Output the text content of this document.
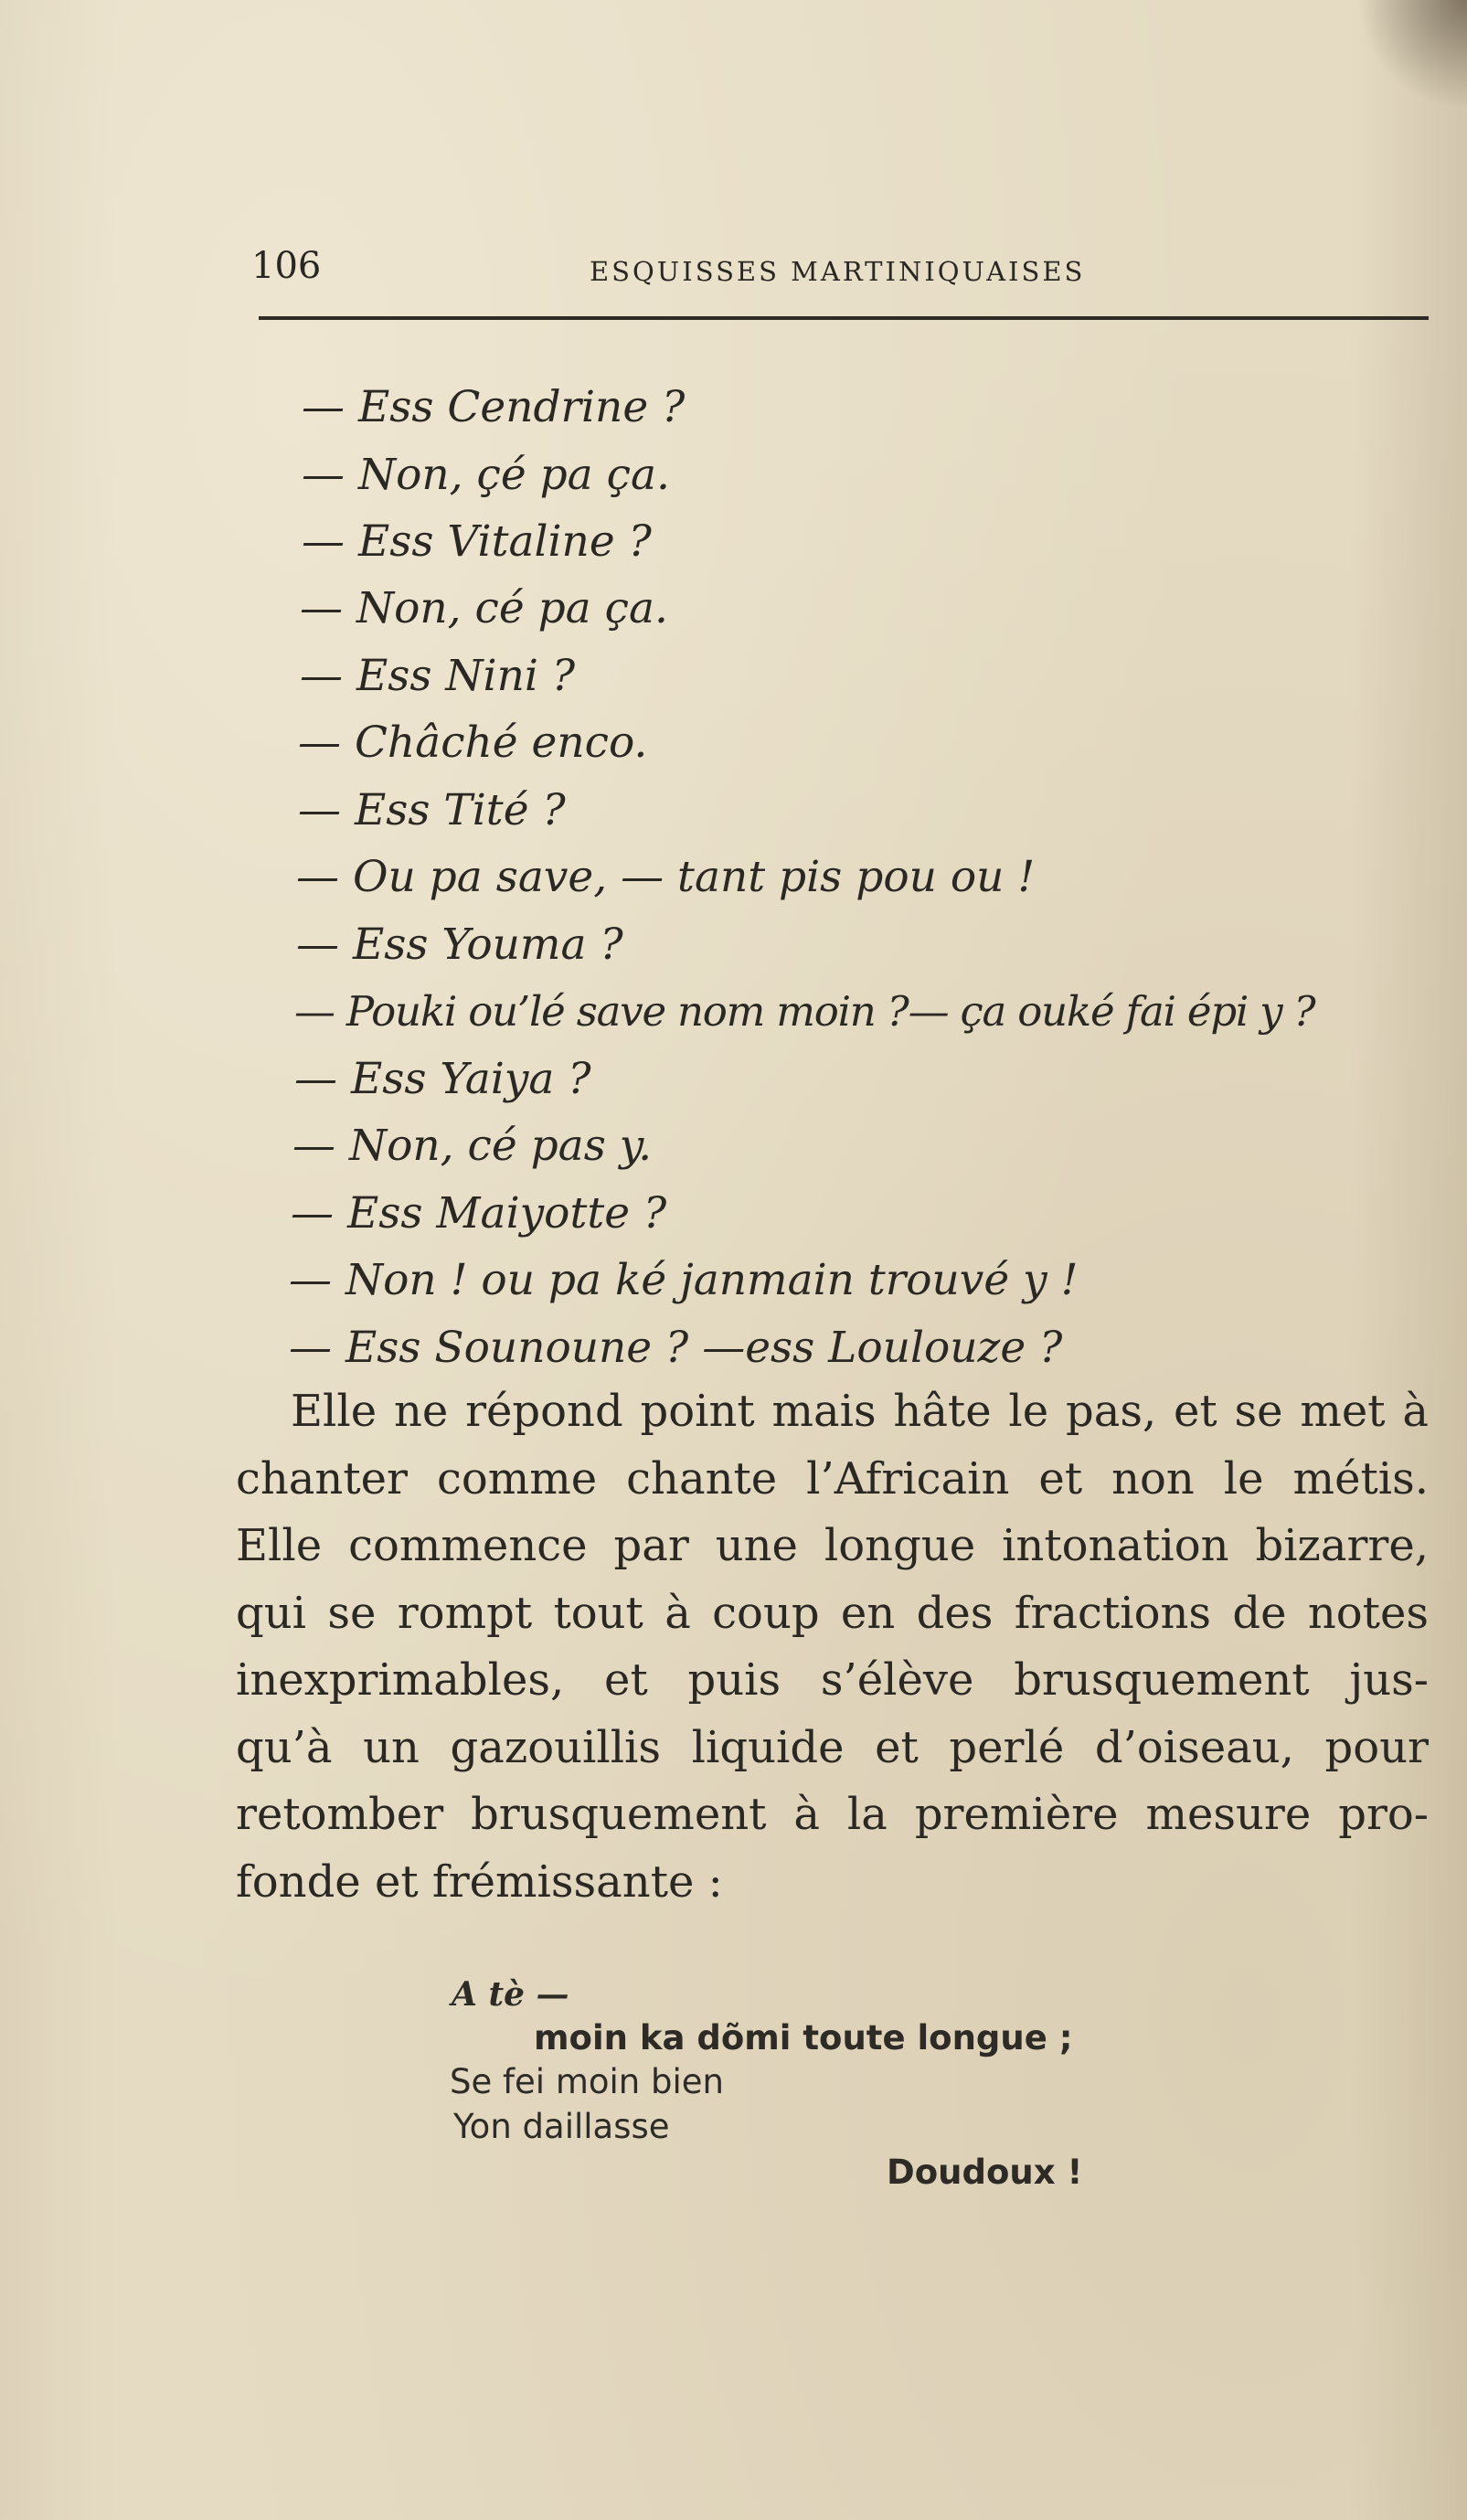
106	ESQUISSES MARTINIQUAISES
— Ess Cendrine ?
— Non, çé pa ça.
— Ess Vitaline ?
— Non, cé pa ça.
— Ess Nini ?
— Châché enco.
— Ess Tité ?
— Ou pa save, — tant pis pou ou !
— Ess Youma ?
— Pouki ou’lé save nom moin ?— ça ouké fai épi y ?
— Ess Yaiya ?
— Non, cé pas y.
— Ess Maiyotte ?
— Non ! ou pa ké janmain trouvé y !
— Ess Sounoune ? —ess Loulouze ?
Elle ne répond point mais hâte le pas, et se met à
chanter comme chante l’Africain et non le métis.
Elle commence par une longue intonation bizarre,
qui se rompt tout à coup en des fractions de notes
inexprimables, et puis s’élève brusquement jus-
qu’à un gazouillis liquide et perlé d’oiseau, pour
retomber brusquement à la première mesure pro-
fonde et frémissante :
A tè —
moin ka dõmi toute longue ;
Se fei moin bien
Yon daillasse
Doudoux !
